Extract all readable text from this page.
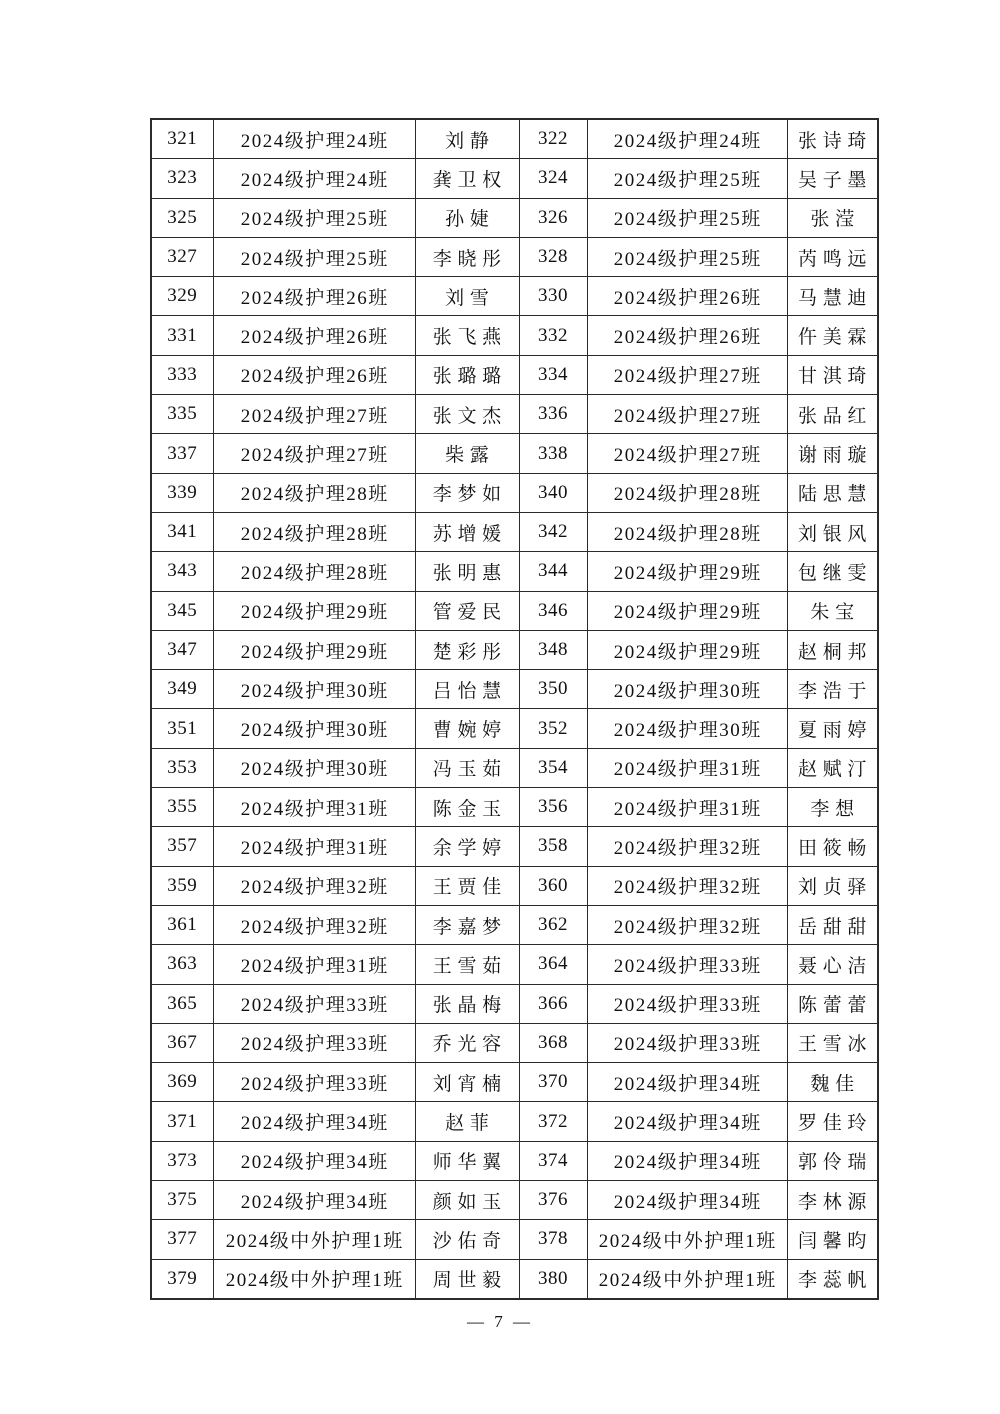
321	2024级护理24班	刘静	322	2024级护理24班	张诗琦
323	2024级护理24班	龚卫权	324	2024级护理25班	吴子墨
325	2024级护理25班	孙婕	326	2024级护理25班	张滢
327	2024级护理25班	李晓彤	328	2024级护理25班	芮鸣远
329	2024级护理26班	刘雪	330	2024级护理26班	马慧迪
331	2024级护理26班	张飞燕	332	2024级护理26班	仵美霖
333	2024级护理26班	张璐璐	334	2024级护理27班	甘淇琦
335	2024级护理27班	张文杰	336	2024级护理27班	张品红
337	2024级护理27班	柴露	338	2024级护理27班	谢雨璇
339	2024级护理28班	李梦如	340	2024级护理28班	陆思慧
341	2024级护理28班	苏增媛	342	2024级护理28班	刘银风
343	2024级护理28班	张明惠	344	2024级护理29班	包继雯
345	2024级护理29班	管爱民	346	2024级护理29班	朱宝
347	2024级护理29班	楚彩彤	348	2024级护理29班	赵桐邦
349	2024级护理30班	吕怡慧	350	2024级护理30班	李浩于
351	2024级护理30班	曹婉婷	352	2024级护理30班	夏雨婷
353	2024级护理30班	冯玉茹	354	2024级护理31班	赵赋汀
355	2024级护理31班	陈金玉	356	2024级护理31班	李想
357	2024级护理31班	余学婷	358	2024级护理32班	田筱畅
359	2024级护理32班	王贾佳	360	2024级护理32班	刘贞驿
361	2024级护理32班	李嘉梦	362	2024级护理32班	岳甜甜
363	2024级护理31班	王雪茹	364	2024级护理33班	聂心洁
365	2024级护理33班	张晶梅	366	2024级护理33班	陈蕾蕾
367	2024级护理33班	乔光容	368	2024级护理33班	王雪冰
369	2024级护理33班	刘宵楠	370	2024级护理34班	魏佳
371	2024级护理34班	赵菲	372	2024级护理34班	罗佳玲
373	2024级护理34班	师华翼	374	2024级护理34班	郭伶瑞
375	2024级护理34班	颜如玉	376	2024级护理34班	李林源
377	2024级中外护理1班	沙佑奇	378	2024级中外护理1班	闫馨昀
379	2024级中外护理1班	周世毅	380	2024级中外护理1班	李蕊帆
— 7 —
